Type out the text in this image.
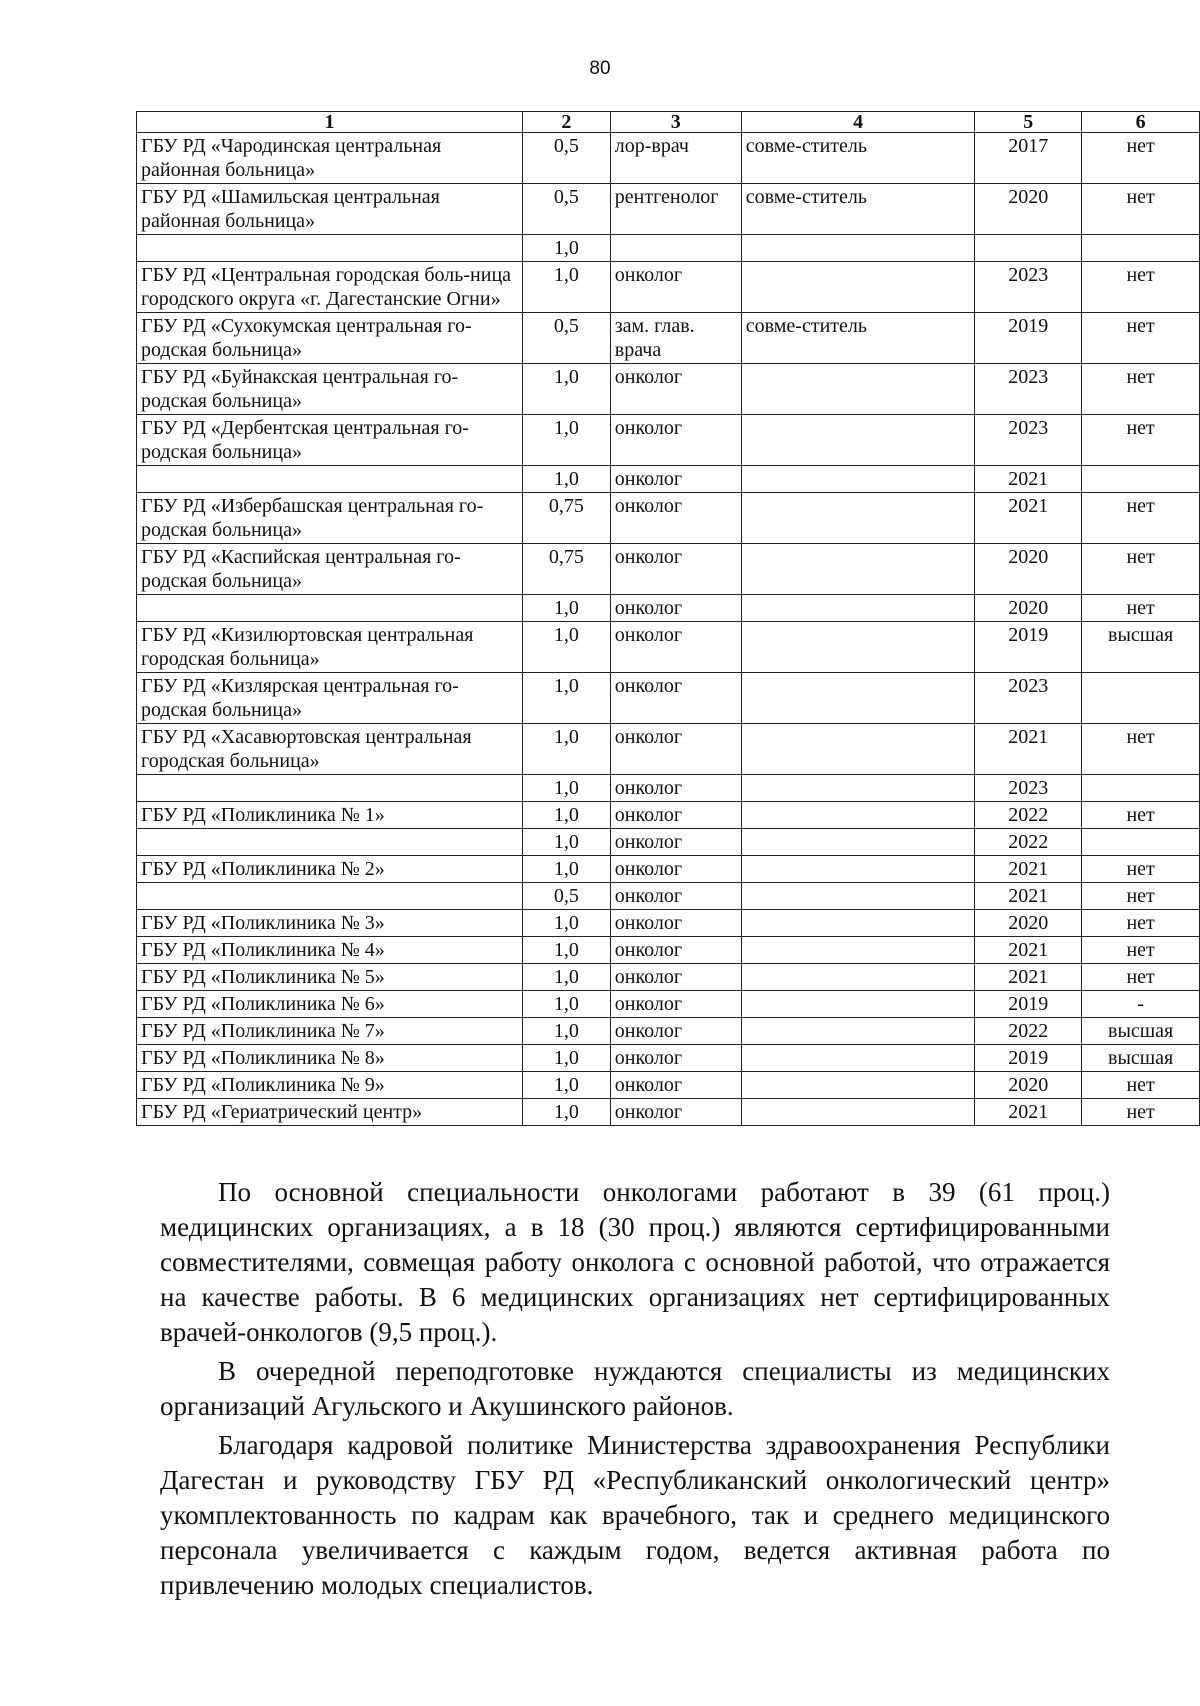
80
1	2	3	4	5	6
ГБУ РД «Чародинская центральная районная больница»	0,5	лор-врач	совме-ститель	2017	нет
ГБУ РД «Шамильская центральная районная больница»	0,5	рентгенолог	совме-ститель	2020	нет
	1,0				
ГБУ РД «Центральная городская боль-ница городского округа «г. Дагестанские Огни»	1,0	онколог		2023	нет
ГБУ РД «Сухокумская центральная го-родская больница»	0,5	зам. глав. врача	совме-ститель	2019	нет
ГБУ РД «Буйнакская центральная го-родская больница»	1,0	онколог		2023	нет
ГБУ РД «Дербентская центральная го-родская больница»	1,0	онколог		2023	нет
	1,0	онколог		2021	
ГБУ РД «Избербашская центральная го-родская больница»	0,75	онколог		2021	нет
ГБУ РД «Каспийская центральная го-родская больница»	0,75	онколог		2020	нет
	1,0	онколог		2020	нет
ГБУ РД «Кизилюртовская центральная городская больница»	1,0	онколог		2019	высшая
ГБУ РД «Кизлярская центральная го-родская больница»	1,0	онколог		2023	
ГБУ РД «Хасавюртовская центральная городская больница»	1,0	онколог		2021	нет
	1,0	онколог		2023	
ГБУ РД «Поликлиника № 1»	1,0	онколог		2022	нет
	1,0	онколог		2022	
ГБУ РД «Поликлиника № 2»	1,0	онколог		2021	нет
	0,5	онколог		2021	нет
ГБУ РД «Поликлиника № 3»	1,0	онколог		2020	нет
ГБУ РД «Поликлиника № 4»	1,0	онколог		2021	нет
ГБУ РД «Поликлиника № 5»	1,0	онколог		2021	нет
ГБУ РД «Поликлиника № 6»	1,0	онколог		2019	-
ГБУ РД «Поликлиника № 7»	1,0	онколог		2022	высшая
ГБУ РД «Поликлиника № 8»	1,0	онколог		2019	высшая
ГБУ РД «Поликлиника № 9»	1,0	онколог		2020	нет
ГБУ РД «Гериатрический центр»	1,0	онколог		2021	нет

По основной специальности онкологами работают в 39 (61 проц.) медицинских организациях, а в 18 (30 проц.) являются сертифицированными совместителями, совмещая работу онколога с основной работой, что отражается на качестве работы. В 6 медицинских организациях нет сертифицированных врачей-онкологов (9,5 проц.).

В очередной переподготовке нуждаются специалисты из медицинских организаций Агульского и Акушинского районов.

Благодаря кадровой политике Министерства здравоохранения Республики Дагестан и руководству ГБУ РД «Республиканский онкологический центр» укомплектованность по кадрам как врачебного, так и среднего медицинского персонала увеличивается с каждым годом, ведется активная работа по привлечению молодых специалистов.
